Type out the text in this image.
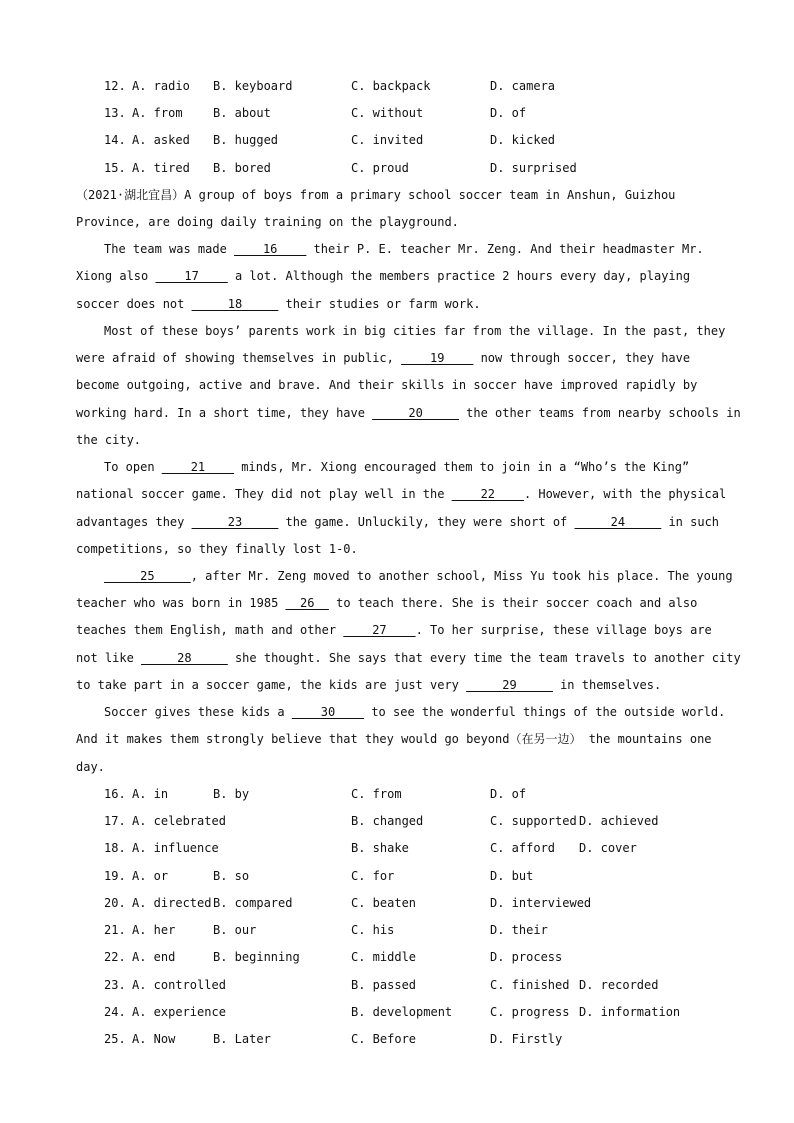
12. A. radio B. keyboard	C. backpack	D. camera
13. A. from	B. about	C. without	D. of
14. A. asked B. hugged	C. invited	D. kicked
15. A. tired B. bored	C. proud	D. surprised
（2021·湖北宜昌）A group of boys from a primary school soccer team in Anshun, Guizhou
Province, are doing daily training on the playground.
The team was made ____16____ their P. E. teacher Mr. Zeng. And their headmaster Mr.
Xiong also ____17____ a lot. Although the members practice 2 hours every day, playing
soccer does not _____18_____ their studies or farm work.
Most of these boys’ parents work in big cities far from the village. In the past, they
were afraid of showing themselves in public, ____19____ now through soccer, they have
become outgoing, active and brave. And their skills in soccer have improved rapidly by
working hard. In a short time, they have _____20_____ the other teams from nearby schools in
the city.
To open ____21____ minds, Mr. Xiong encouraged them to join in a “Who’s the King”
national soccer game. They did not play well in the ____22____. However, with the physical
advantages they _____23_____ the game. Unluckily, they were short of _____24_____ in such
competitions, so they finally lost 1-0.
_____25_____, after Mr. Zeng moved to another school, Miss Yu took his place. The young
teacher who was born in 1985 __26__ to teach there. She is their soccer coach and also
teaches them English, math and other ____27____. To her surprise, these village boys are
not like _____28_____ she thought. She says that every time the team travels to another city
to take part in a soccer game, the kids are just very _____29_____ in themselves.
Soccer gives these kids a ____30____ to see the wonderful things of the outside world.
And it makes them strongly believe that they would go beyond（在另一边） the mountains one
day.
16. A. in	B. by	C. from	D. of
17. A. celebrated	B. changed	C. supported D. achieved
18. A. influence	B. shake	C. afford D. cover
19. A. or	B. so	C. for	D. but
20. A. directed B. compared	C. beaten	D. interviewed
21. A. her	B. our	C. his	D. their
22. A. end	B. beginning	C. middle	D. process
23. A. controlled	B. passed	C. finished D. recorded
24. A. experience	B. development	C. progress D. information
25. A. Now	B. Later	C. Before	D. Firstly
